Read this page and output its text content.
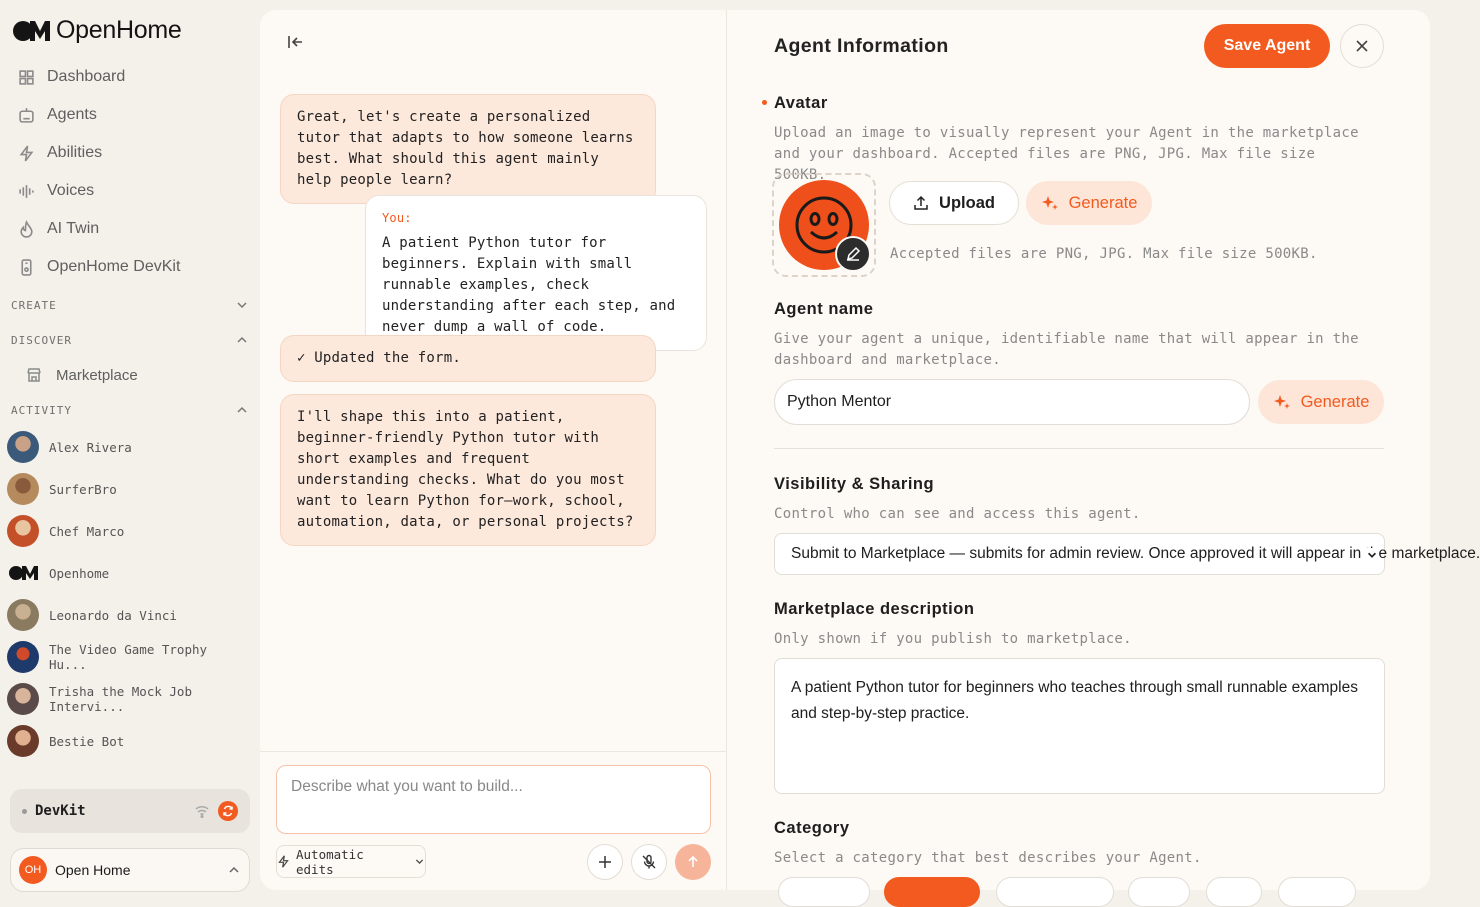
OpenHome
Dashboard
Agents
Abilities
Voices
AI Twin
OpenHome DevKit
CREATE
DISCOVER
Marketplace
ACTIVITY
Alex Rivera
SurferBro
Chef Marco
Openhome
Leonardo da Vinci
The Video Game Trophy Hu...
Trisha the Mock Job Intervi...
Bestie Bot
DevKit
OH Open Home
Great, let's create a personalized tutor that adapts to how someone learns best. What should this agent mainly help people learn?
You:
A patient Python tutor for beginners. Explain with small runnable examples, check understanding after each step, and never dump a wall of code.
✓ Updated the form.
I'll shape this into a patient, beginner-friendly Python tutor with short examples and frequent understanding checks. What do you most want to learn Python for—work, school, automation, data, or personal projects?
Describe what you want to build...
Automatic edits
Agent Information	Save Agent
Avatar
Upload an image to visually represent your Agent in the marketplace and your dashboard. Accepted files are PNG, JPG. Max file size 500KB.
Upload	Generate
Accepted files are PNG, JPG. Max file size 500KB.
Agent name
Give your agent a unique, identifiable name that will appear in the dashboard and marketplace.
Python Mentor	Generate
Visibility & Sharing
Control who can see and access this agent.
Submit to Marketplace — submits for admin review. Once approved it will appear in the marketplace.
Marketplace description
Only shown if you publish to marketplace.
A patient Python tutor for beginners who teaches through small runnable examples and step-by-step practice.
Category
Select a category that best describes your Agent.
